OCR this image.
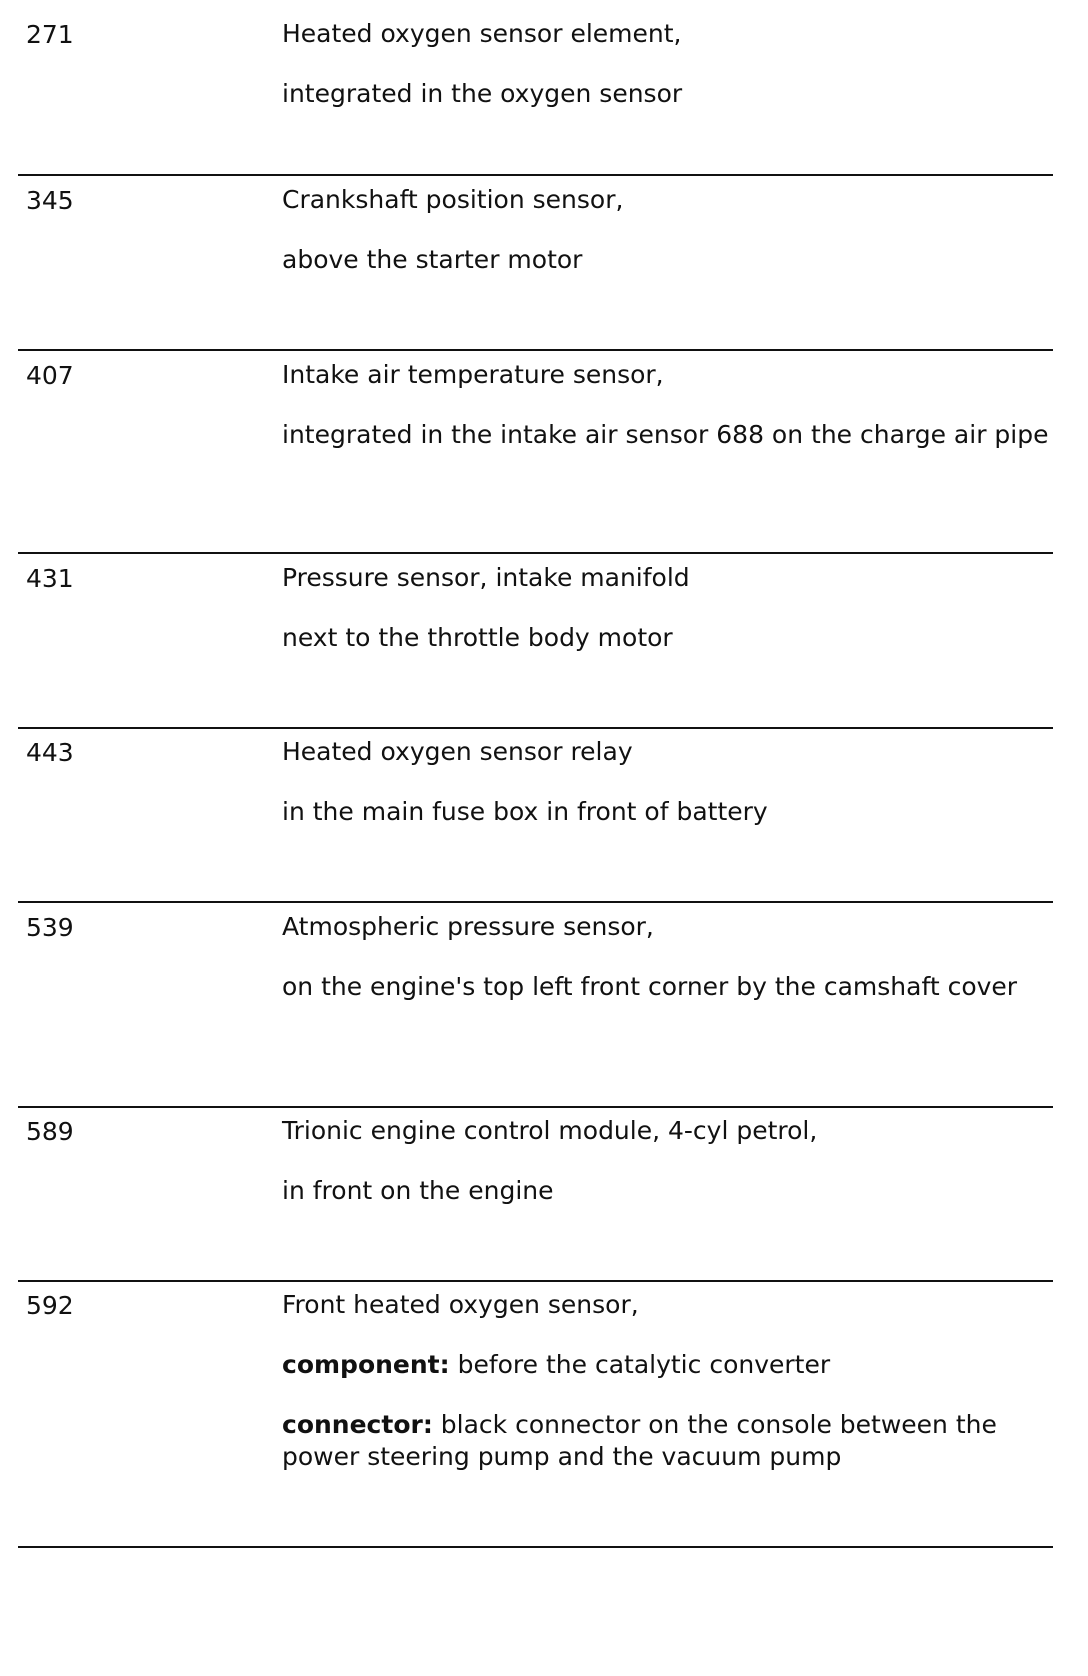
271	Heated oxygen sensor element,
integrated in the oxygen sensor
345	Crankshaft position sensor,
above the starter motor
407	Intake air temperature sensor,
integrated in the intake air sensor 688 on the charge air pipe
431	Pressure sensor, intake manifold
next to the throttle body motor
443	Heated oxygen sensor relay
in the main fuse box in front of battery
539	Atmospheric pressure sensor,
on the engine's top left front corner by the camshaft cover
589	Trionic engine control module, 4-cyl petrol,
in front on the engine
592	Front heated oxygen sensor,
component: before the catalytic converter
connector: black connector on the console between the power steering pump and the vacuum pump
